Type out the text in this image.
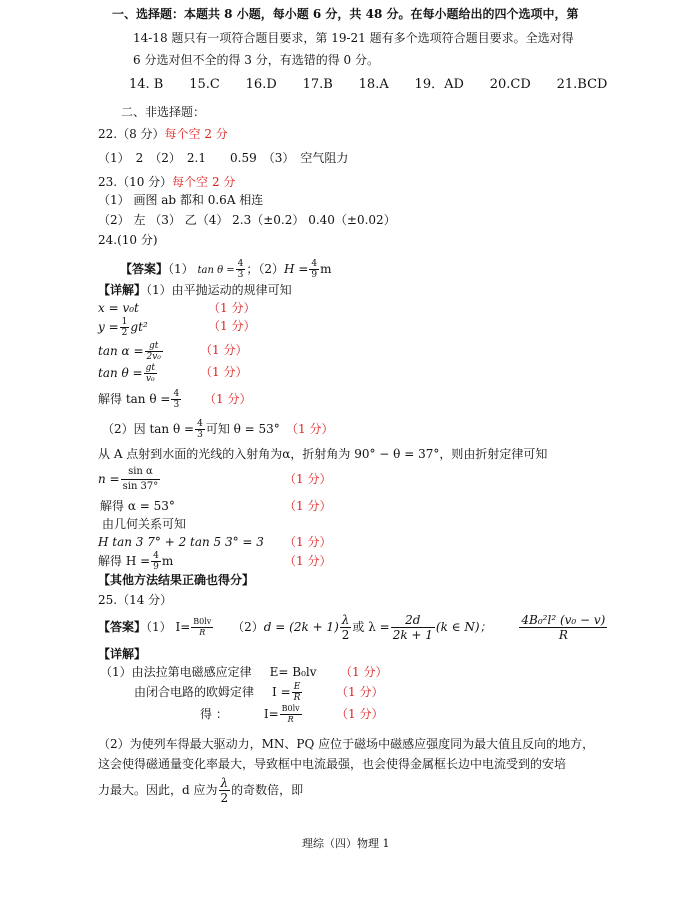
一、选择题：本题共 8 小题，每小题 6 分，共 48 分。在每小题给出的四个选项中，第
14-18 题只有一项符合题目要求，第 19-21 题有多个选项符合题目要求。全选对得
6 分选对但不全的得 3 分，有选错的得 0 分。
14. B 15.C 16.D 17.B 18.A 19．AD 20.CD 21.BCD
二、非选择题：
22.（8 分）每个空 2 分
（1）　2　（2）　2.1　　0.59　（3）　空气阻力
23.（10 分）每个空 2 分
（1） 画图 ab 都和 0.6A 相连
（2） 左 （3） 乙（4） 2.3（±0.2） 0.40（±0.02）
24.(10 分)
【答案】（1） $\tan \theta = \frac{4}{3}$ ；$(2)H = \frac{4}{9}$ m
【详解】（1）由平抛运动的规律可知
x = v₀t	（1 分）
$y = \frac{1}{2} gt^2$	（1 分）
$\tan \alpha = \frac{gt}{\text{2v₀}}$	（1 分）
$\tan \theta = \frac{gt}{\text{v₀}}$	（1 分）
解得 $\tan \theta = \frac{4}{3} (1$ 分）
（2）因 $\tan \theta = \frac{4}{3}$ 可知 θ = 53° （1 分）
从 A 点射到水面的光线的入射角为α，折射角为 90° − θ = 37°，则由折射定律可知
$n = \frac{\text{sin α}}{\sin 37^\circ}$	（1 分）
解得 α = 53°	（1 分）
由几何关系可知
H tan 3 7° + 2 tan 5 3° = 3 （1 分）
解得 $H = \frac{4}{9}$ m	（1 分）
【其他方法结果正确也得分】
25.（14 分）
【答案】（1） $I= \frac{B0lv}{R} (2)d = (2k + 1) \frac{\lambda}{2}$ 或 $\lambda = \frac{2d}{2k + 1} (k$ ∈ N)； $\frac{\text{4B₀²l² (v₀ − v)}}{R}$
【详解】
（1）由法拉第电磁感应定律 E= B₀lv （1 分）
由闭合电路的欧姆定律 $I = \frac{E}{R}$	（1 分）
得 ：	$I= \frac{B0lv}{R}$	（1 分）
（2）为使列车得最大驱动力，MN、PQ 应位于磁场中磁感应强度同为最大值且反向的地方，
这会使得磁通量变化率最大，导致框中电流最强，也会使得金属框长边中电流受到的安培
力最大。因此，d 应为 $\frac{\lambda}{2}$ 的奇数倍，即
理综（四）物理 1
